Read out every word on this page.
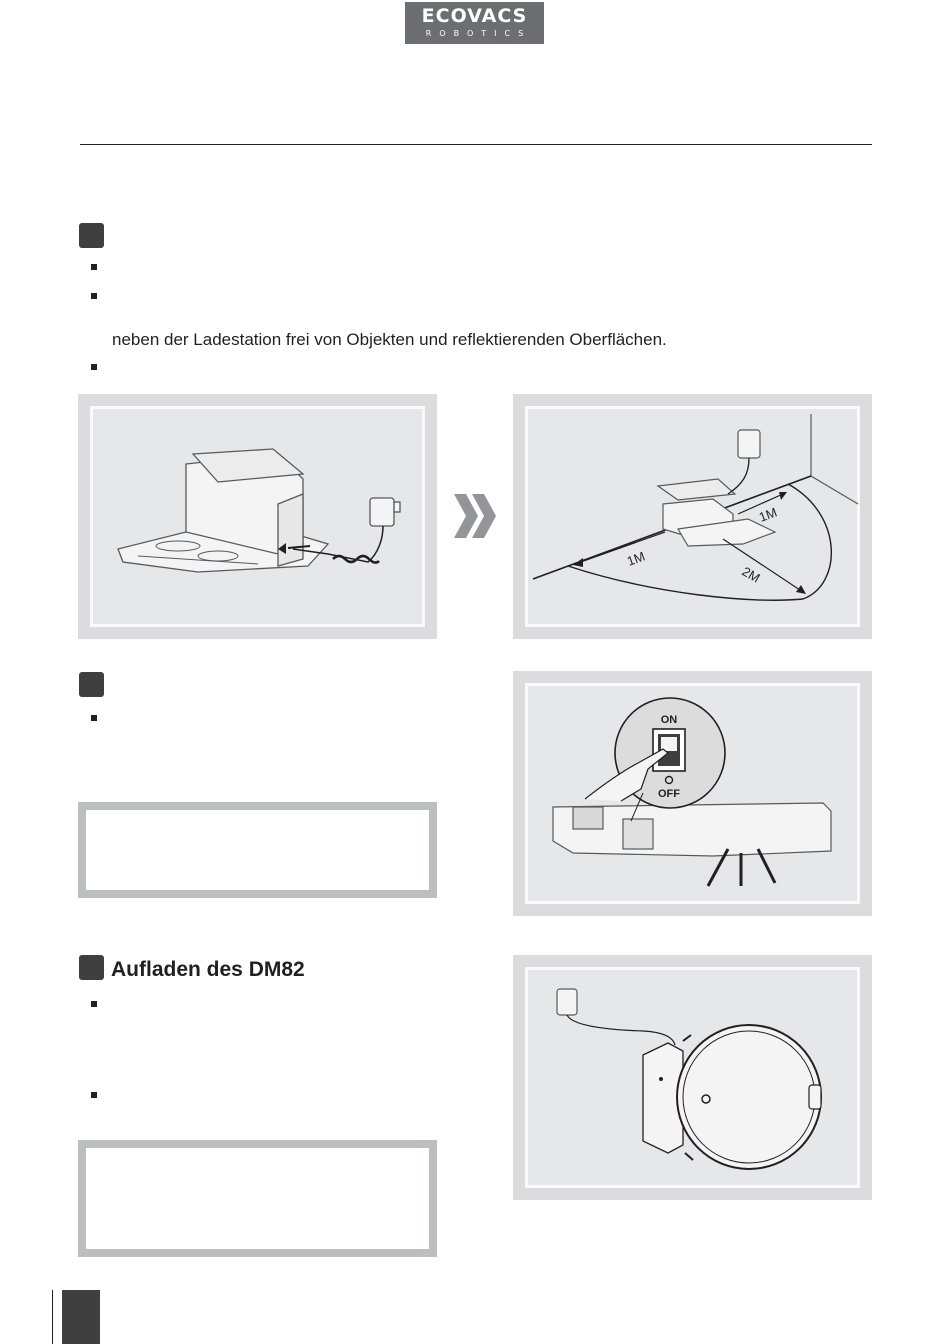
ECOVACS
ROBOTICS
neben der Ladestation frei von Objekten und reflektierenden Oberflächen.
1M
1M
2M
ON
OFF
Aufladen des DM82
